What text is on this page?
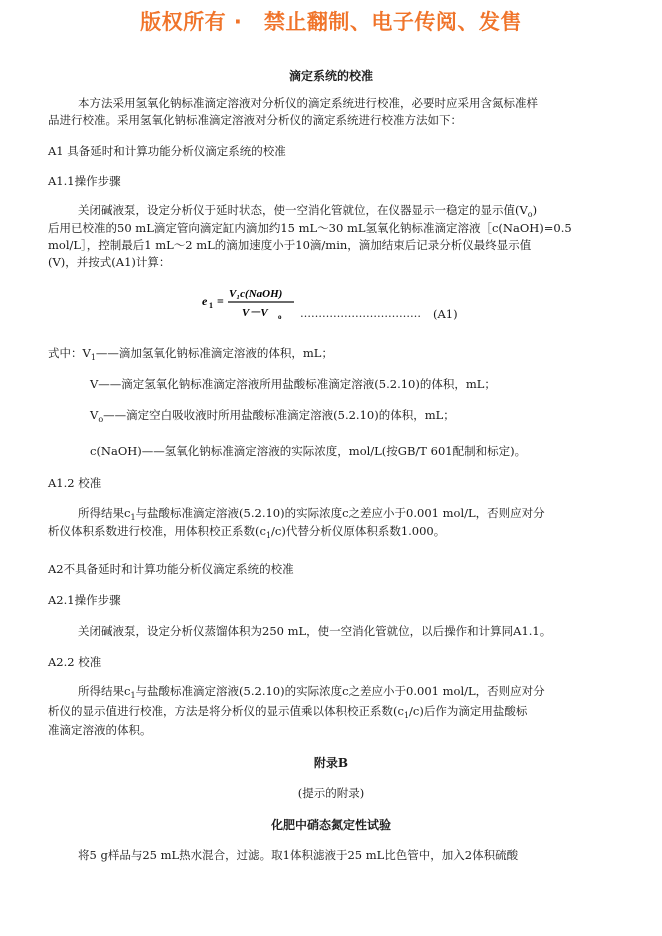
版权所有 ·　禁止翻制、电子传阅、发售
滴定系统的校准
本方法采用氢氧化钠标准滴定溶液对分析仪的滴定系统进行校准，必要时应采用含氮标准样
品进行校准。采用氢氧化钠标准滴定溶液对分析仪的滴定系统进行校准方法如下：
A1 具备延时和计算功能分析仪滴定系统的校准
A1.1操作步骤
关闭碱液泵，设定分析仪于延时状态，使一空消化管就位，在仪器显示一稳定的显示值$(V_o)$
后用已校准的50 mL滴定管向滴定缸内滴加约15 mL～30 mL氢氧化钠标准滴定溶液［c(NaOH)=0.5
mol/L］，控制最后1 mL～2 mL的滴加速度小于10滴/min，滴加结束后记录分析仪最终显示值
(V)，并按式(A1)计算：
e 1 = V₁c(NaOH)
V－V o …………………………… (A1)
式中：$V_1——$滴加氢氧化钠标准滴定溶液的体积，mL；
V——滴定氢氧化钠标准滴定溶液所用盐酸标准滴定溶液(5.2.10)的体积，mL；
$V_o——$滴定空白吸收液时所用盐酸标准滴定溶液(5.2.10)的体积，mL；
c(NaOH)——氢氧化钠标准滴定溶液的实际浓度，mol/L(按GB/T 601配制和标定)。
A1.2 校准
所得结果$c_1$与盐酸标准滴定溶液(5.2.10)的实际浓度c之差应小于0.001 mol/L，否则应对分
析仪体积系数进行校准，用体积校正系数$(c_1/c)$代替分析仪原体积系数1.000。
A2不具备延时和计算功能分析仪滴定系统的校准
A2.1操作步骤
关闭碱液泵，设定分析仪蒸馏体积为250 mL，使一空消化管就位，以后操作和计算同A1.1。
A2.2 校准
所得结果$c_1$与盐酸标准滴定溶液(5.2.10)的实际浓度c之差应小于0.001 mol/L，否则应对分
析仪的显示值进行校准，方法是将分析仪的显示值乘以体积校正系数$(c_1/c)$后作为滴定用盐酸标
准滴定溶液的体积。
附录B
(提示的附录)
化肥中硝态氮定性试验
将5 g样品与25 mL热水混合，过滤。取1体积滤液于25 mL比色管中，加入2体积硫酸
